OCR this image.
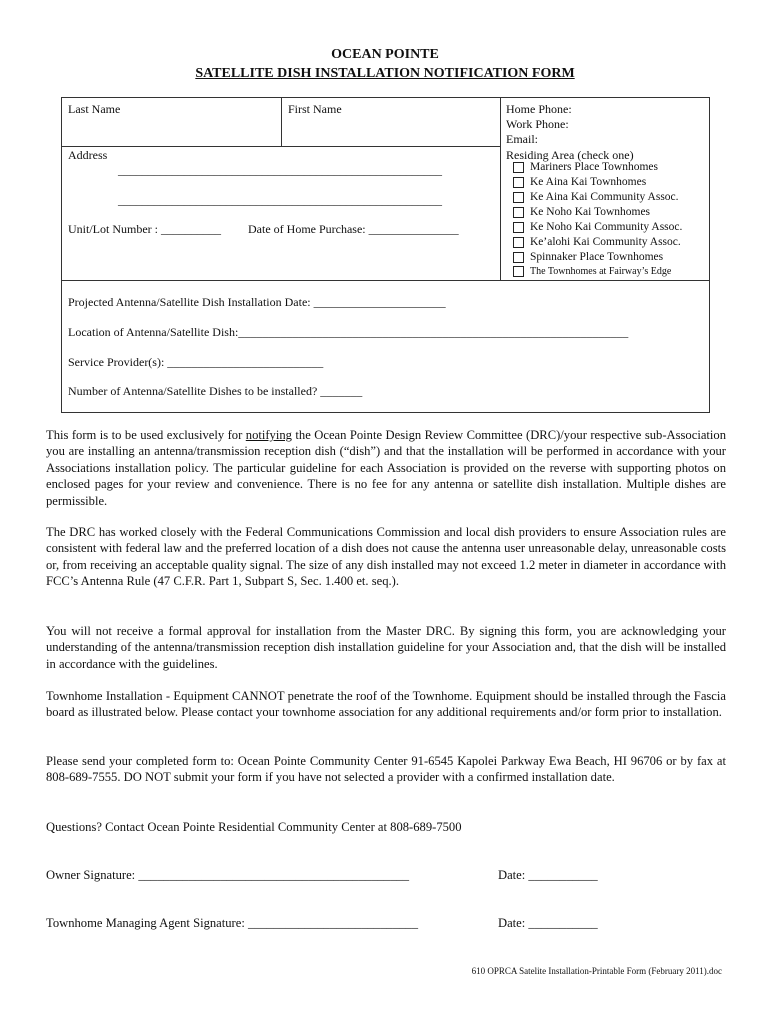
OCEAN POINTE
SATELLITE DISH INSTALLATION NOTIFICATION FORM
Last Name	First Name	Home Phone:
Work Phone:
Email:
Address
______________________________________________________
______________________________________________________
Unit/Lot Number : __________ Date of Home Purchase: _______________
Residing Area (check one)
Mariners Place Townhomes
Ke Aina Kai Townhomes
Ke Aina Kai Community Assoc.
Ke Noho Kai Townhomes
Ke Noho Kai Community Assoc.
Ke’alohi Kai Community Assoc.
Spinnaker Place Townhomes
The Townhomes at Fairway’s Edge
Projected Antenna/Satellite Dish Installation Date: ______________________
Location of Antenna/Satellite Dish:_________________________________________________________________
Service Provider(s): __________________________
Number of Antenna/Satellite Dishes to be installed? _______

This form is to be used exclusively for notifying the Ocean Pointe Design Review Committee (DRC)/your respective sub-Association you are installing an antenna/transmission reception dish (“dish”) and that the installation will be performed in accordance with your Associations installation policy. The particular guideline for each Association is provided on the reverse with supporting photos on enclosed pages for your review and convenience. There is no fee for any antenna or satellite dish installation. Multiple dishes are permissible.

The DRC has worked closely with the Federal Communications Commission and local dish providers to ensure Association rules are consistent with federal law and the preferred location of a dish does not cause the antenna user unreasonable delay, unreasonable costs or, from receiving an acceptable quality signal. The size of any dish installed may not exceed 1.2 meter in diameter in accordance with FCC’s Antenna Rule (47 C.F.R. Part 1, Subpart S, Sec. 1.400 et. seq.).

You will not receive a formal approval for installation from the Master DRC. By signing this form, you are acknowledging your understanding of the antenna/transmission reception dish installation guideline for your Association and, that the dish will be installed in accordance with the guidelines.

Townhome Installation - Equipment CANNOT penetrate the roof of the Townhome. Equipment should be installed through the Fascia board as illustrated below. Please contact your townhome association for any additional requirements and/or form prior to installation.

Please send your completed form to: Ocean Pointe Community Center 91-6545 Kapolei Parkway Ewa Beach, HI 96706 or by fax at 808-689-7555. DO NOT submit your form if you have not selected a provider with a confirmed installation date.

Questions? Contact Ocean Pointe Residential Community Center at 808-689-7500

Owner Signature: ___________________________________________	Date: ___________
Townhome Managing Agent Signature: ___________________________	Date: ___________
610 OPRCA Satelite Installation-Printable Form (February 2011).doc
